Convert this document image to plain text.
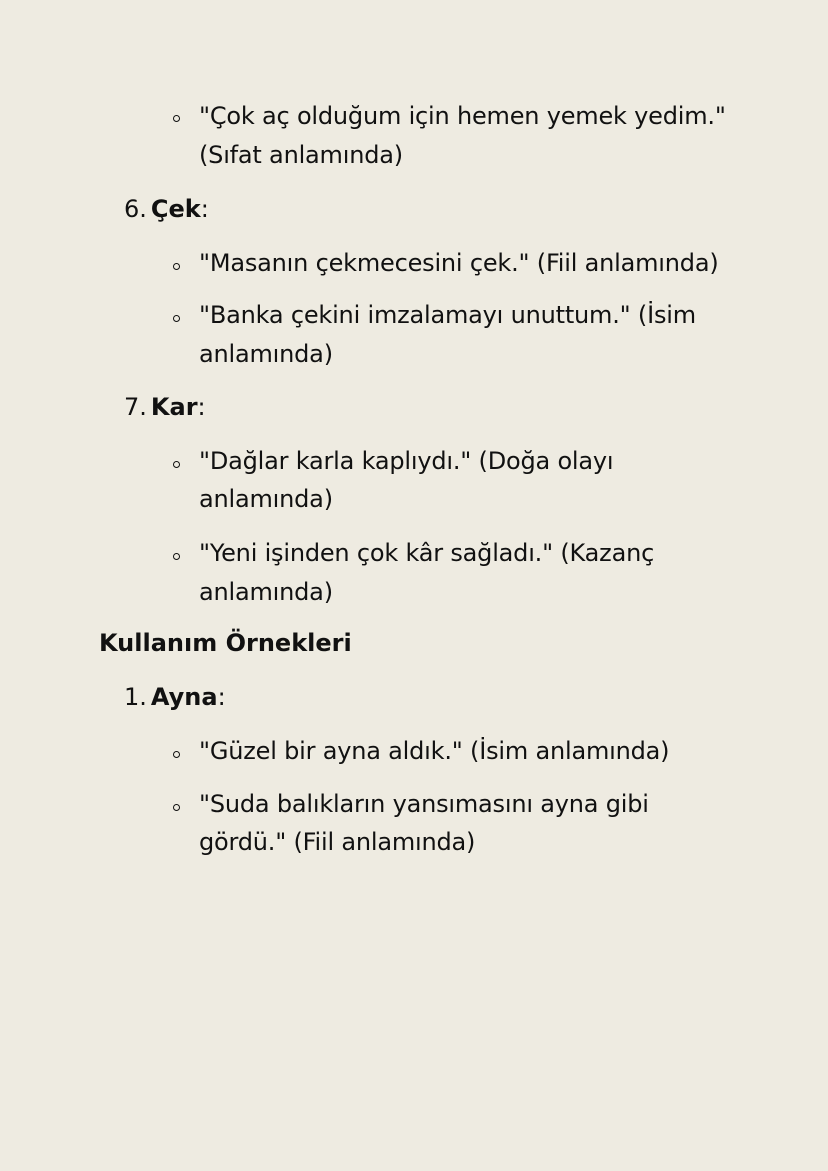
"Çok aç olduğum için hemen yemek yedim."

(Sıfat anlamında)

6. Çek:

"Masanın çekmecesini çek." (Fiil anlamında)

"Banka çekini imzalamayı unuttum." (İsim

anlamında)

7. Kar:

"Dağlar karla kaplıydı." (Doğa olayı

anlamında)

"Yeni işinden çok kâr sağladı." (Kazanç

anlamında)

Kullanım Örnekleri

1. Ayna:

"Güzel bir ayna aldık." (İsim anlamında)

"Suda balıkların yansımasını ayna gibi

gördü." (Fiil anlamında)
